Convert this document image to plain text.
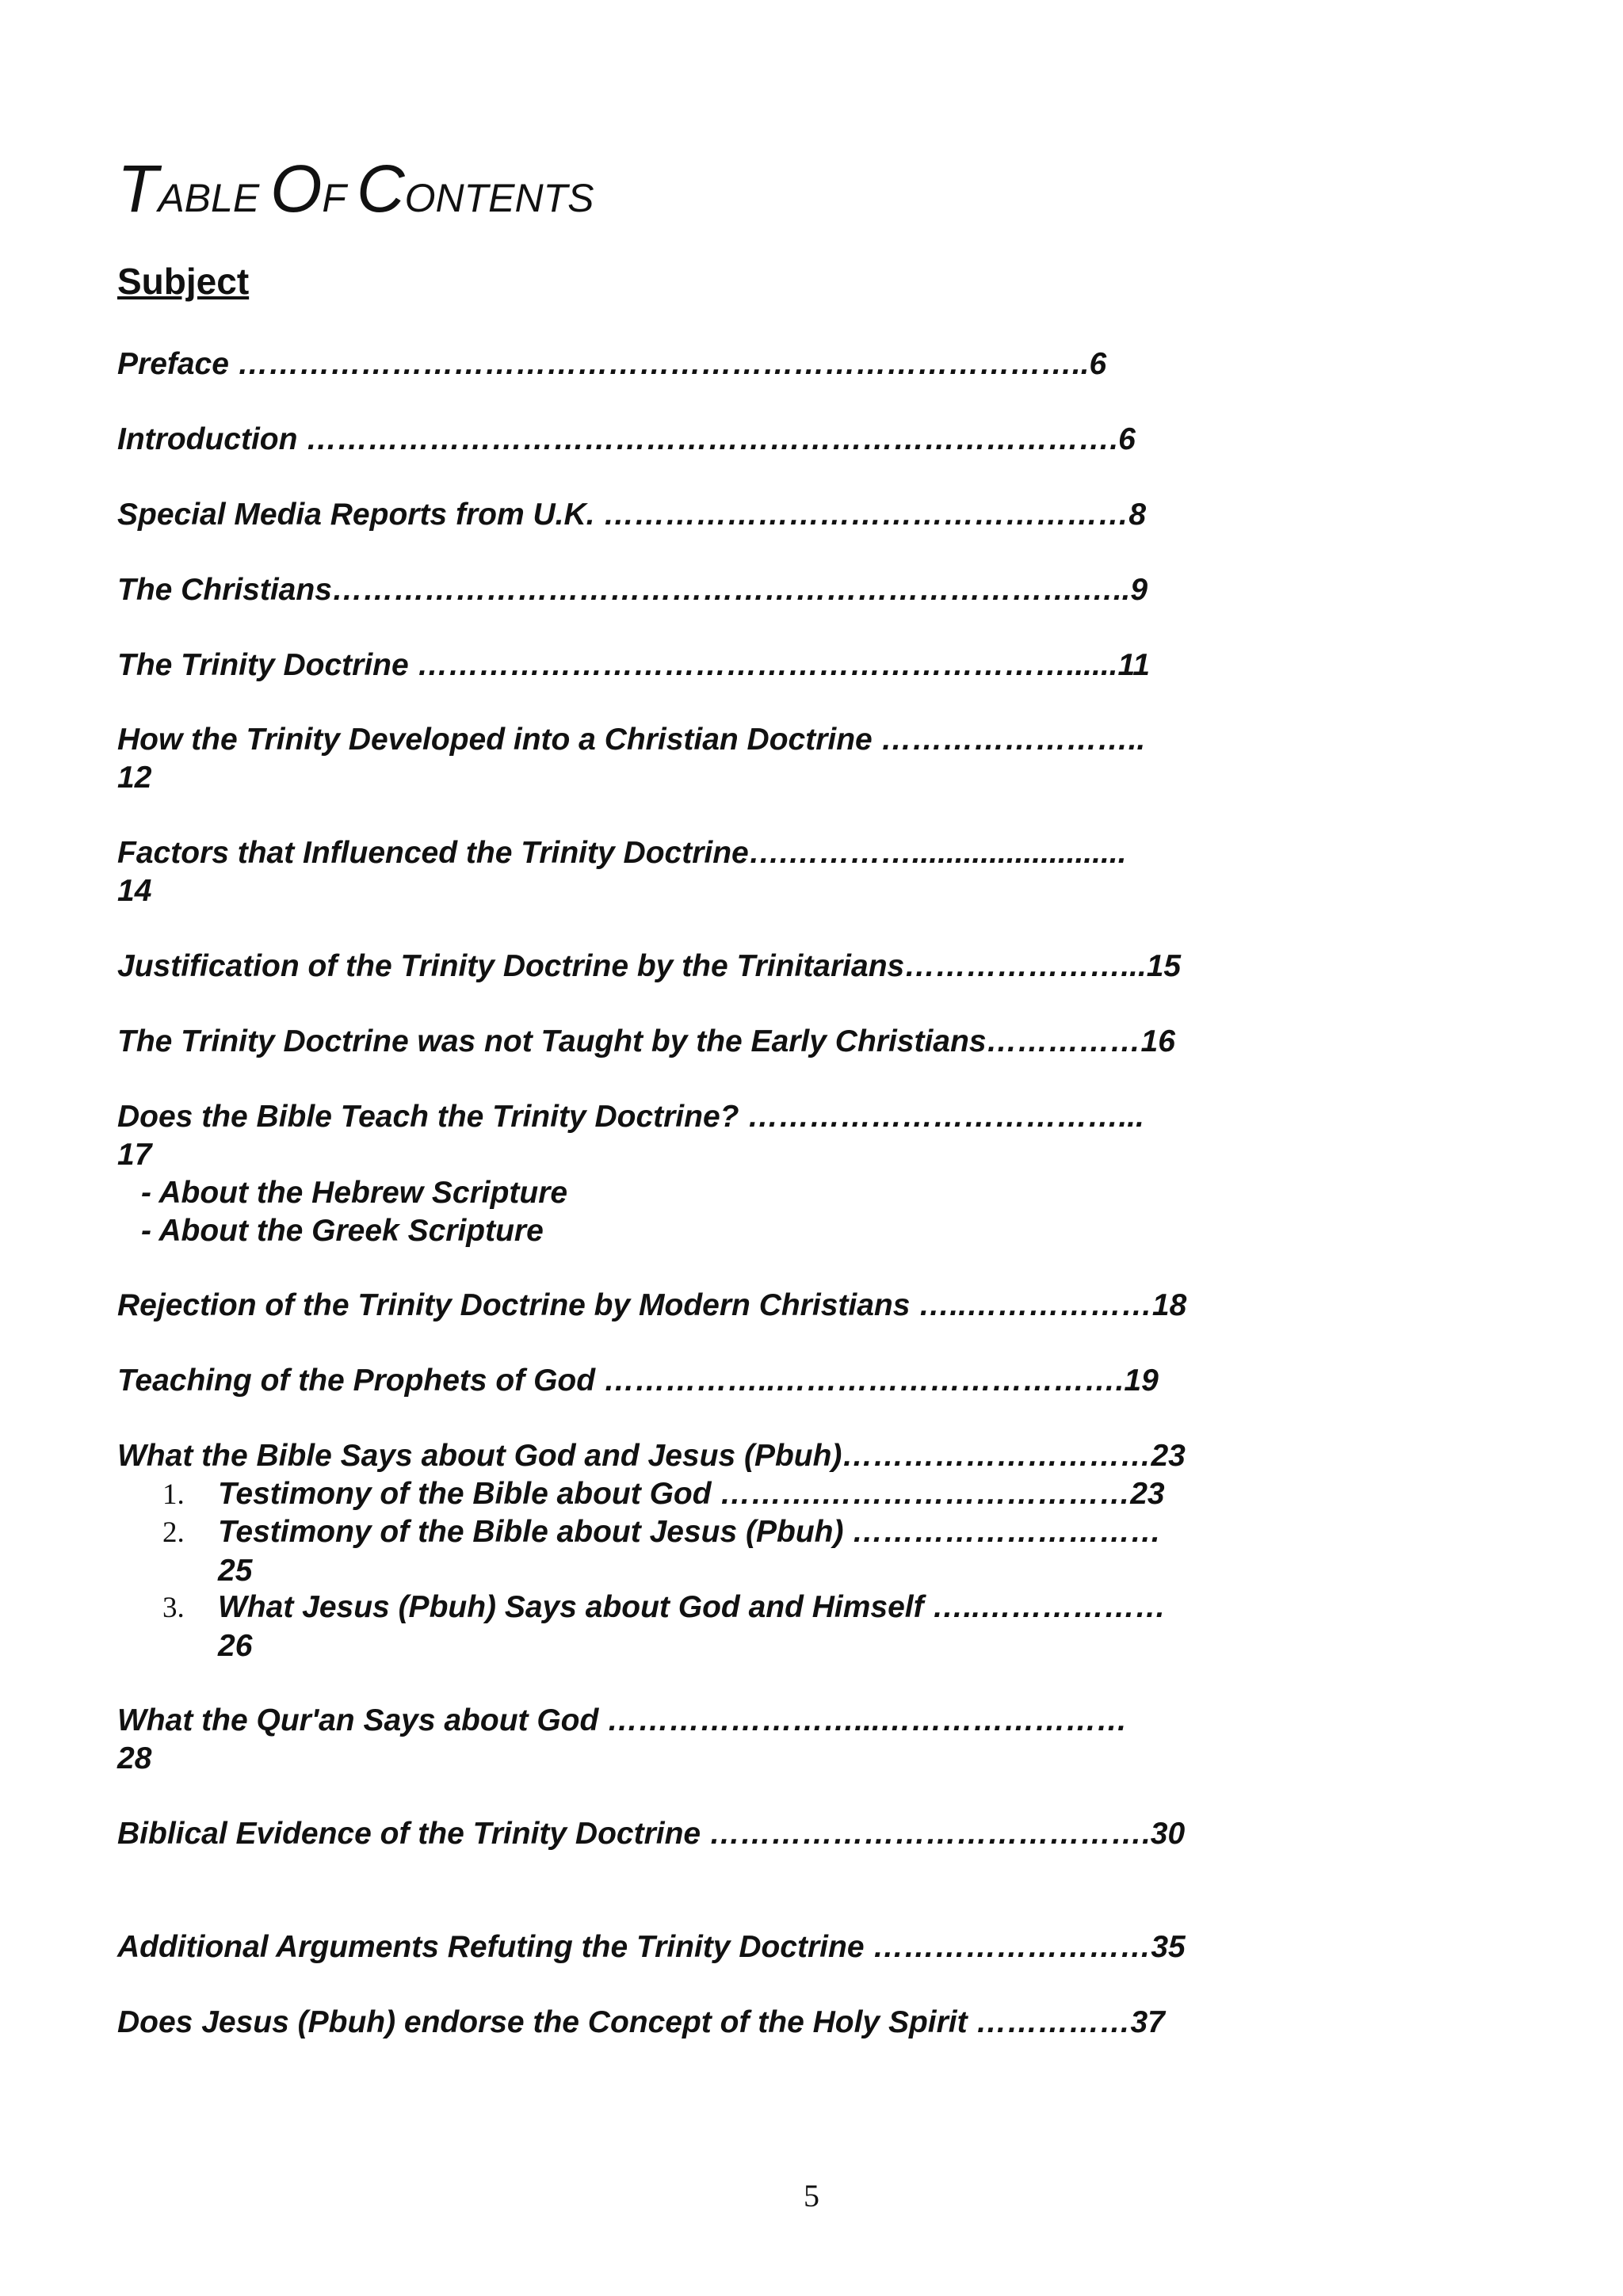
TABLE OF CONTENTS
Subject
Preface ………………………………………………………………………..6
Introduction …………………………………………………………………….6
Special Media Reports from U.K. ……………………………………………8
The Christians……………………………………………………………….…..9
The Trinity Doctrine ………………………………………………………......11
How the Trinity Developed into a Christian Doctrine ……………………..
12
Factors that Influenced the Trinity Doctrine….………….........................
14
Justification of the Trinity Doctrine by the Trinitarians…………………...15
The Trinity Doctrine was not Taught by the Early Christians……………16
Does the Bible Teach the Trinity Doctrine? ………………………………...
17
- About the Hebrew Scripture
- About the Greek Scripture
Rejection of the Trinity Doctrine by Modern Christians …..………………18
Teaching of the Prophets of God ……………..…………………………….19
What the Bible Says about God and Jesus (Pbuh)…………………………23
1. Testimony of the Bible about God ……….…………………………23
2. Testimony of the Bible about Jesus (Pbuh) …………………………
25
3. What Jesus (Pbuh) Says about God and Himself …..………………
26
What the Qur'an Says about God ……………………...……………………
28
Biblical Evidence of the Trinity Doctrine …………………………………….30
Additional Arguments Refuting the Trinity Doctrine ………………………35
Does Jesus (Pbuh) endorse the Concept of the Holy Spirit ……………37
5
